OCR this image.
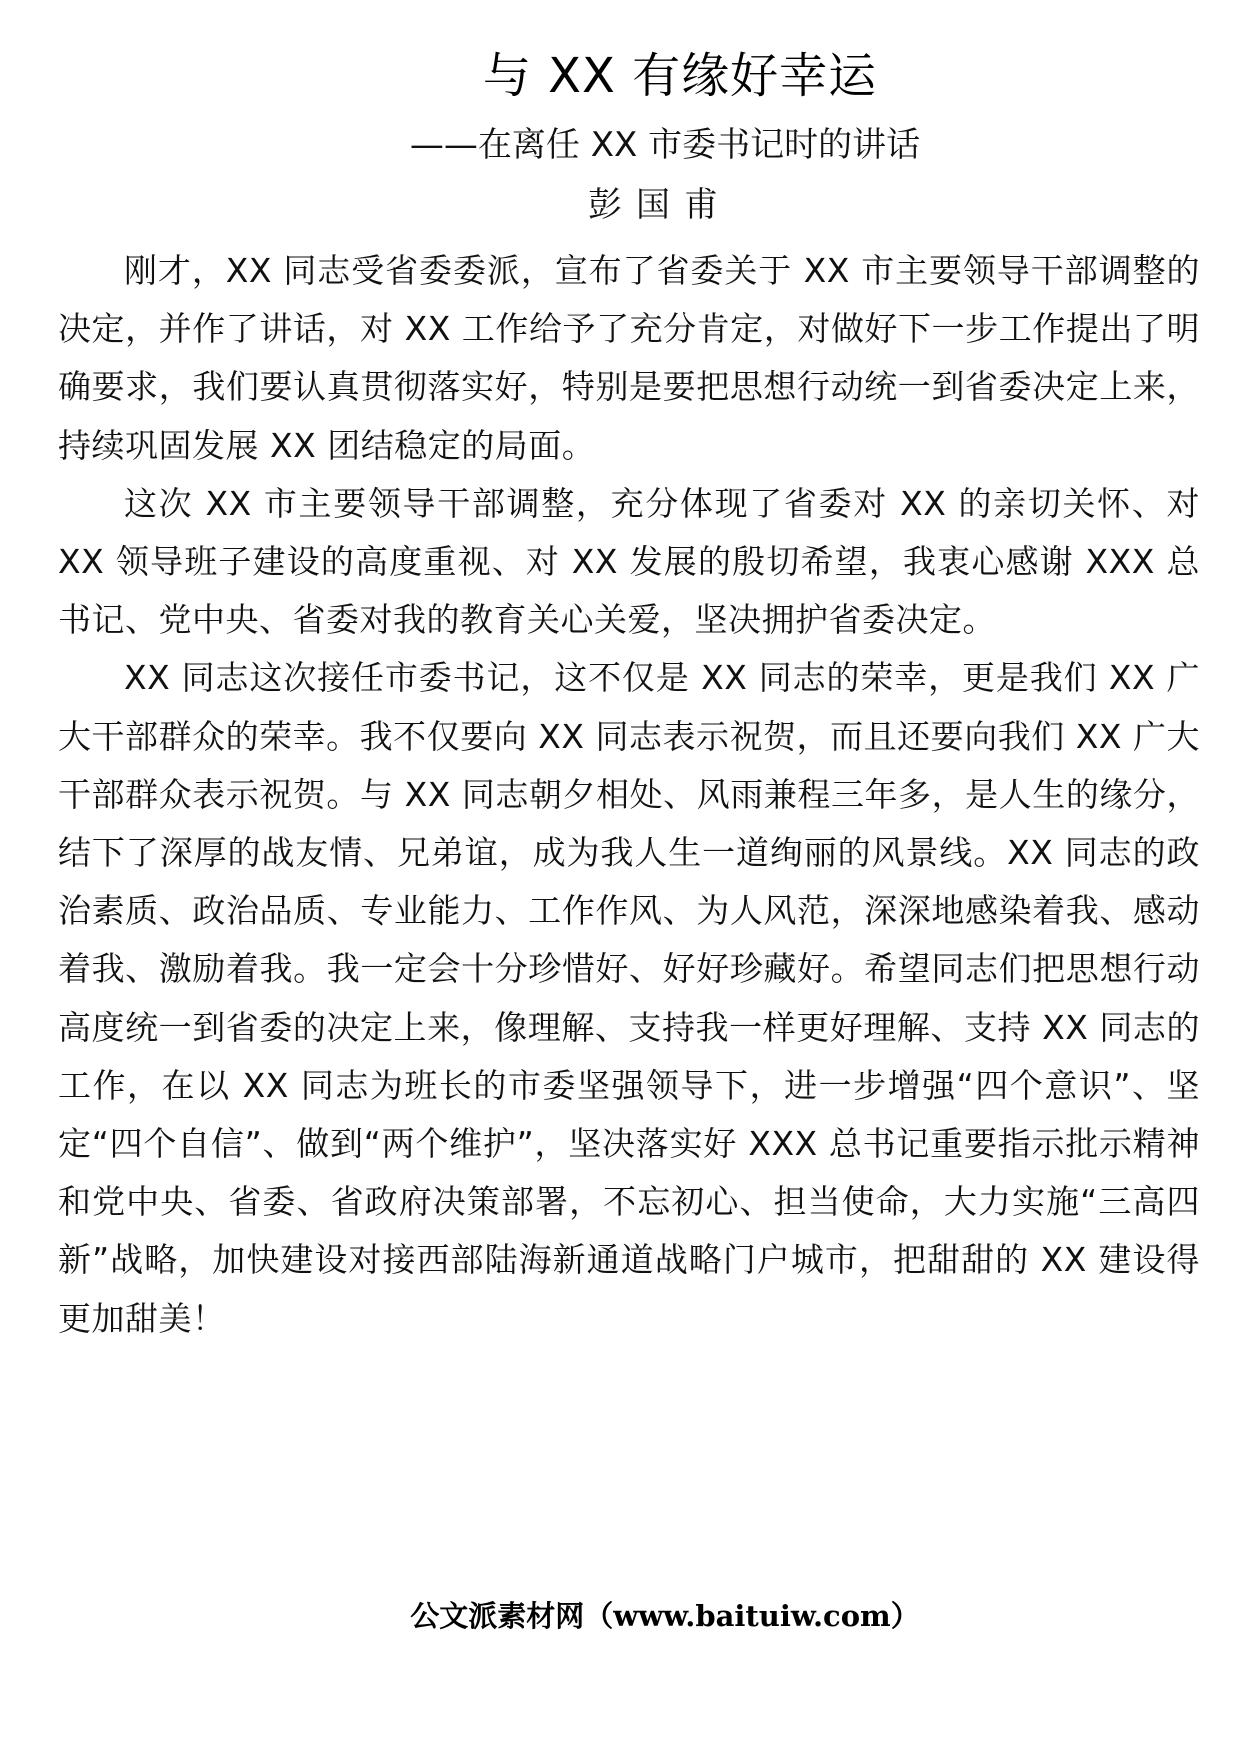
与 XX 有缘好幸运
——在离任 XX 市委书记时的讲话
彭国甫

刚才，XX 同志受省委委派，宣布了省委关于 XX 市主要领导干部调整的决定，并作了讲话，对 XX 工作给予了充分肯定，对做好下一步工作提出了明确要求，我们要认真贯彻落实好，特别是要把思想行动统一到省委决定上来，持续巩固发展 XX 团结稳定的局面。

这次 XX 市主要领导干部调整，充分体现了省委对 XX 的亲切关怀、对 XX 领导班子建设的高度重视、对 XX 发展的殷切希望，我衷心感谢 XXX 总书记、党中央、省委对我的教育关心关爱，坚决拥护省委决定。

XX 同志这次接任市委书记，这不仅是 XX 同志的荣幸，更是我们 XX 广大干部群众的荣幸。我不仅要向 XX 同志表示祝贺，而且还要向我们 XX 广大干部群众表示祝贺。与 XX 同志朝夕相处、风雨兼程三年多，是人生的缘分，结下了深厚的战友情、兄弟谊，成为我人生一道绚丽的风景线。XX 同志的政治素质、政治品质、专业能力、工作作风、为人风范，深深地感染着我、感动着我、激励着我。我一定会十分珍惜好、好好珍藏好。希望同志们把思想行动高度统一到省委的决定上来，像理解、支持我一样更好理解、支持 XX 同志的工作，在以 XX 同志为班长的市委坚强领导下，进一步增强“四个意识”、坚定“四个自信”、做到“两个维护”，坚决落实好 XXX 总书记重要指示批示精神和党中央、省委、省政府决策部署，不忘初心、担当使命，大力实施“三高四新”战略，加快建设对接西部陆海新通道战略门户城市，把甜甜的 XX 建设得更加甜美！

公文派素材网（www.baituiw.com）
